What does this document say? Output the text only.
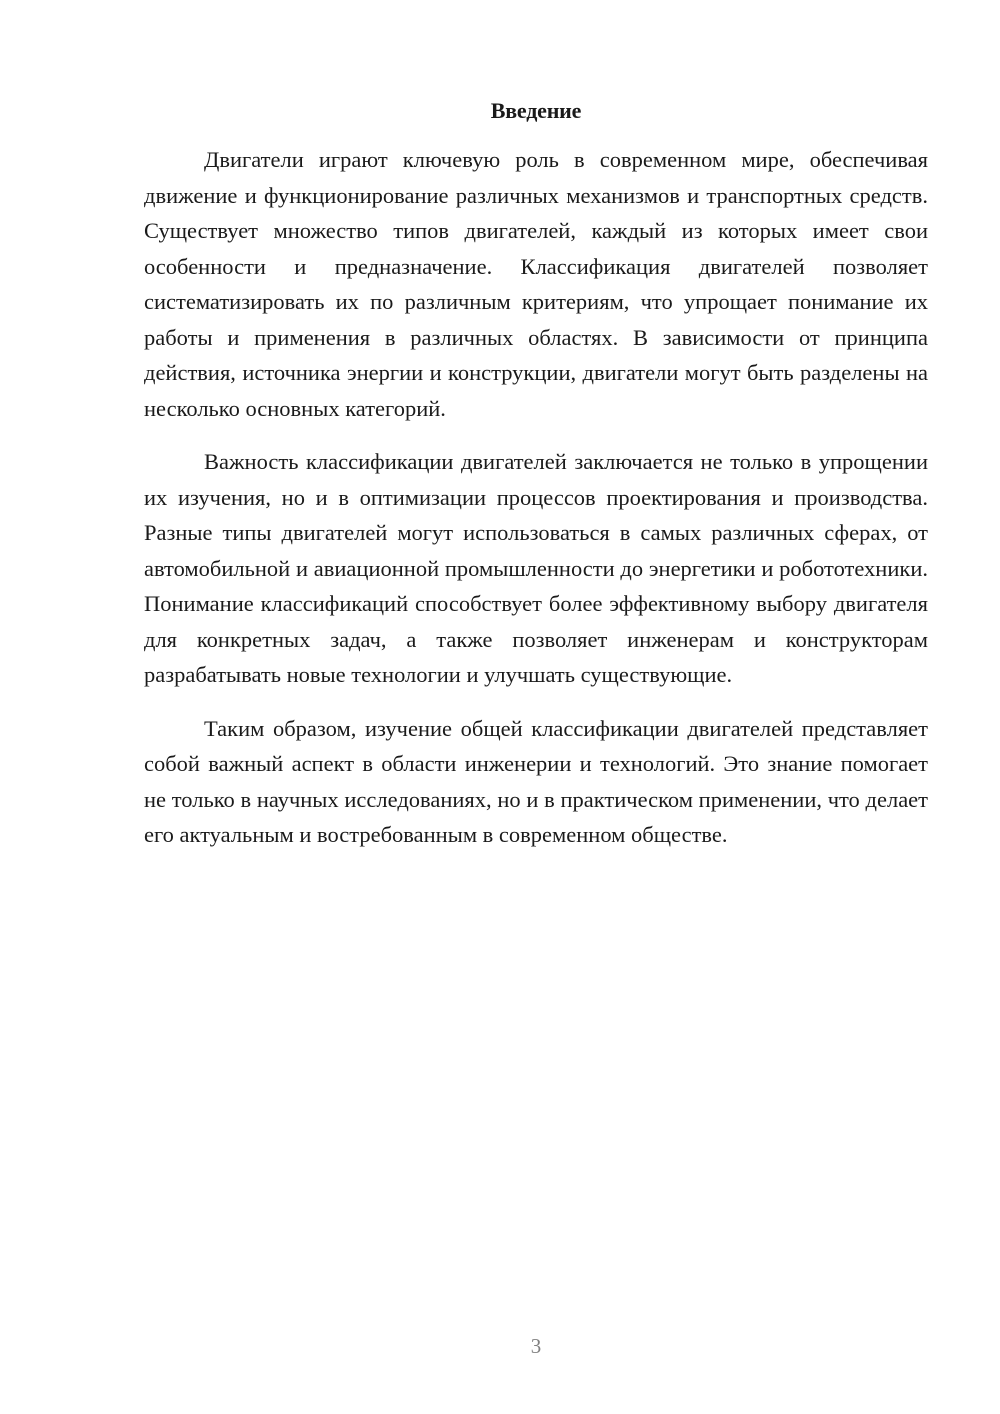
Введение

Двигатели играют ключевую роль в современном мире, обеспечивая движение и функционирование различных механизмов и транспортных средств. Существует множество типов двигателей, каждый из которых имеет свои особенности и предназначение. Классификация двигателей позволяет систематизировать их по различным критериям, что упрощает понимание их работы и применения в различных областях. В зависимости от принципа действия, источника энергии и конструкции, двигатели могут быть разделены на несколько основных категорий.

Важность классификации двигателей заключается не только в упрощении их изучения, но и в оптимизации процессов проектирования и производства. Разные типы двигателей могут использоваться в самых различных сферах, от автомобильной и авиационной промышленности до энергетики и робототехники. Понимание классификаций способствует более эффективному выбору двигателя для конкретных задач, а также позволяет инженерам и конструкторам разрабатывать новые технологии и улучшать существующие.

Таким образом, изучение общей классификации двигателей представляет собой важный аспект в области инженерии и технологий. Это знание помогает не только в научных исследованиях, но и в практическом применении, что делает его актуальным и востребованным в современном обществе.

3
